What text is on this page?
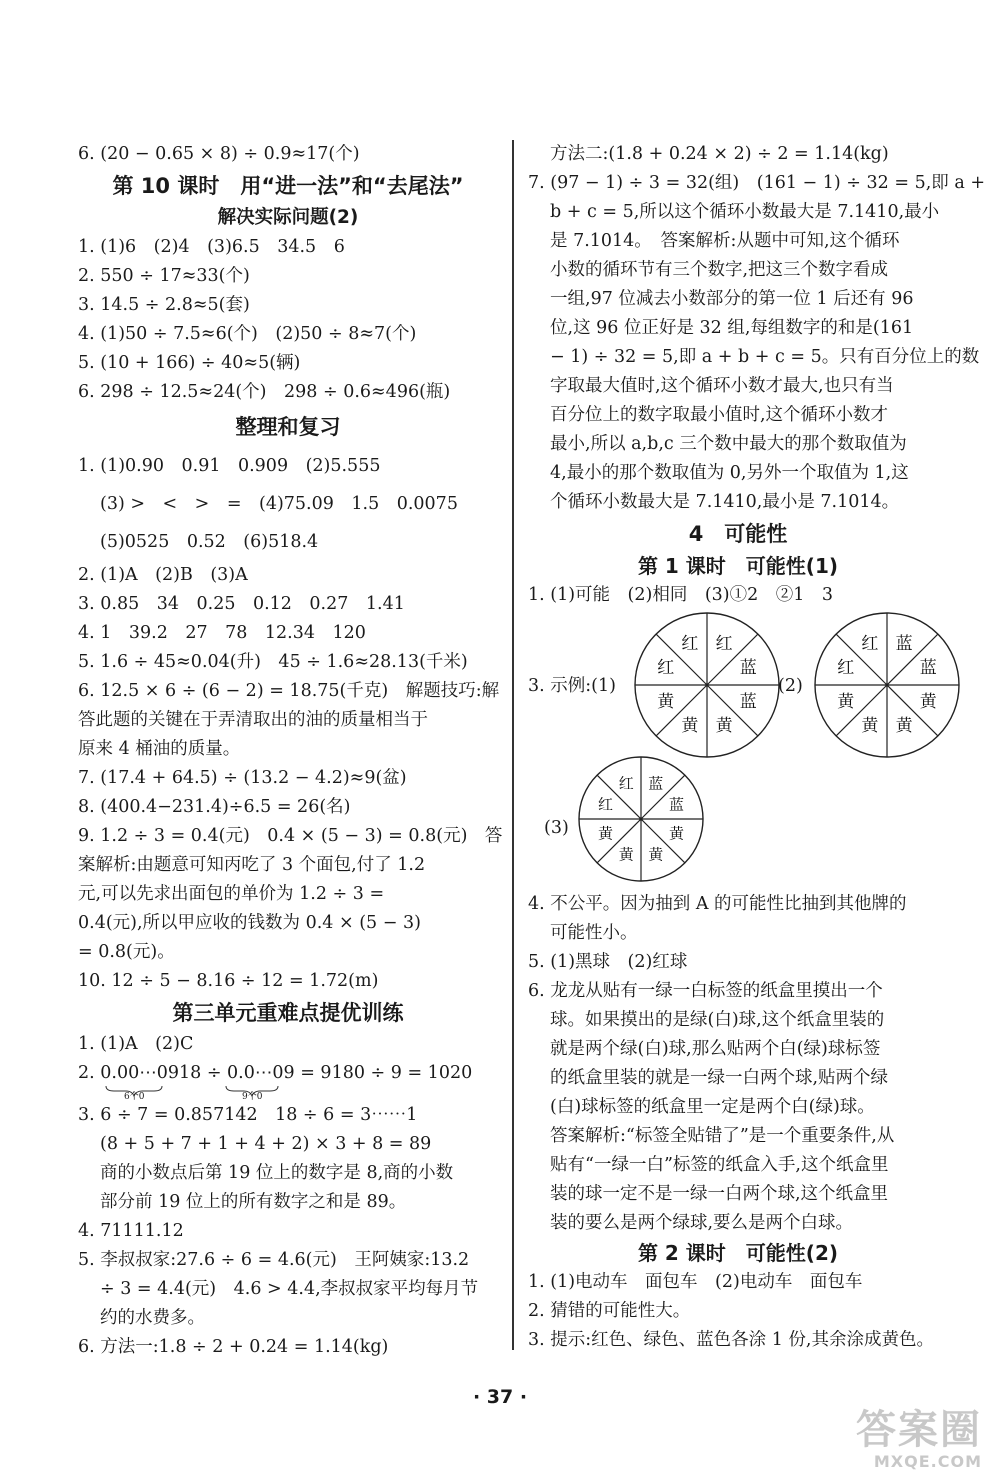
6. (20 − 0.65 × 8) ÷ 0.9≈17(个)
第 10 课时　用“进一法”和“去尾法”
解决实际问题(2)
1. (1)6　(2)4　(3)6.5　34.5　6
2. 550 ÷ 17≈33(个)
3. 14.5 ÷ 2.8≈5(套)
4. (1)50 ÷ 7.5≈6(个)　(2)50 ÷ 8≈7(个)
5. (10 + 166) ÷ 40≈5(辆)
6. 298 ÷ 12.5≈24(个)　298 ÷ 0.6≈496(瓶)
整理和复习
1. (1)0.90　0.91　0.909　(2)5.555
(3) >　<　>　=　(4)75.09　1.5　0.0075
(5)0525　0.52　(6)518.4
2. (1)A　(2)B　(3)A
3. 0.85　34　0.25　0.12　0.27　1.41
4. 1　39.2　27　78　12.34　120
5. 1.6 ÷ 45≈0.04(升)　45 ÷ 1.6≈28.13(千米)
6. 12.5 × 6 ÷ (6 − 2) = 18.75(千克)　解题技巧:解
答此题的关键在于弄清取出的油的质量相当于
原来 4 桶油的质量。
7. (17.4 + 64.5) ÷ (13.2 − 4.2)≈9(盆)
8. (400.4−231.4)÷6.5 = 26(名)
9. 1.2 ÷ 3 = 0.4(元)　0.4 × (5 − 3) = 0.8(元)　答
案解析:由题意可知丙吃了 3 个面包,付了 1.2
元,可以先求出面包的单价为 1.2 ÷ 3 =
0.4(元),所以甲应收的钱数为 0.4 × (5 − 3)
= 0.8(元)。
10. 12 ÷ 5 − 8.16 ÷ 12 = 1.72(m)
第三单元重难点提优训练
1. (1)A　(2)C
2. 0.00⋯0918 ÷ 0.0⋯09 = 9180 ÷ 9 = 1020
6个0	9个0
3. 6 ÷ 7 = 0.857142　18 ÷ 6 = 3⋯⋯1
(8 + 5 + 7 + 1 + 4 + 2) × 3 + 8 = 89
商的小数点后第 19 位上的数字是 8,商的小数
部分前 19 位上的所有数字之和是 89。
4. 71111.12
5. 李叔叔家:27.6 ÷ 6 = 4.6(元)　王阿姨家:13.2
÷ 3 = 4.4(元)　4.6 > 4.4,李叔叔家平均每月节
约的水费多。
6. 方法一:1.8 ÷ 2 + 0.24 = 1.14(kg)
方法二:(1.8 + 0.24 × 2) ÷ 2 = 1.14(kg)
7. (97 − 1) ÷ 3 = 32(组)　(161 − 1) ÷ 32 = 5,即 a +
b + c = 5,所以这个循环小数最大是 7.1410,最小
是 7.1014。　答案解析:从题中可知,这个循环
小数的循环节有三个数字,把这三个数字看成
一组,97 位减去小数部分的第一位 1 后还有 96
位,这 96 位正好是 32 组,每组数字的和是(161
− 1) ÷ 32 = 5,即 a + b + c = 5。只有百分位上的数
字取最大值时,这个循环小数才最大,也只有当
百分位上的数字取最小值时,这个循环小数才
最小,所以 a,b,c 三个数中最大的那个数取值为
4,最小的那个数取值为 0,另外一个取值为 1,这
个循环小数最大是 7.1410,最小是 7.1014。
4　可能性
第 1 课时　可能性(1)
1. (1)可能　(2)相同　(3)①2　②1　3
3. 示例:(1)
红
蓝
蓝
黄
黄
黄
红
红
(2)
蓝
蓝
黄
黄
黄
黄
红
红
(3)
蓝
蓝
黄
黄
黄
黄
红
红
4. 不公平。因为抽到 A 的可能性比抽到其他牌的
可能性小。
5. (1)黑球　(2)红球
6. 龙龙从贴有一绿一白标签的纸盒里摸出一个
球。如果摸出的是绿(白)球,这个纸盒里装的
就是两个绿(白)球,那么贴两个白(绿)球标签
的纸盒里装的就是一绿一白两个球,贴两个绿
(白)球标签的纸盒里一定是两个白(绿)球。
答案解析:“标签全贴错了”是一个重要条件,从
贴有“一绿一白”标签的纸盒入手,这个纸盒里
装的球一定不是一绿一白两个球,这个纸盒里
装的要么是两个绿球,要么是两个白球。
第 2 课时　可能性(2)
1. (1)电动车　面包车　(2)电动车　面包车
2. 猜错的可能性大。
3. 提示:红色、绿色、蓝色各涂 1 份,其余涂成黄色。
· 37 ·
答案圈
MXQE.COM
